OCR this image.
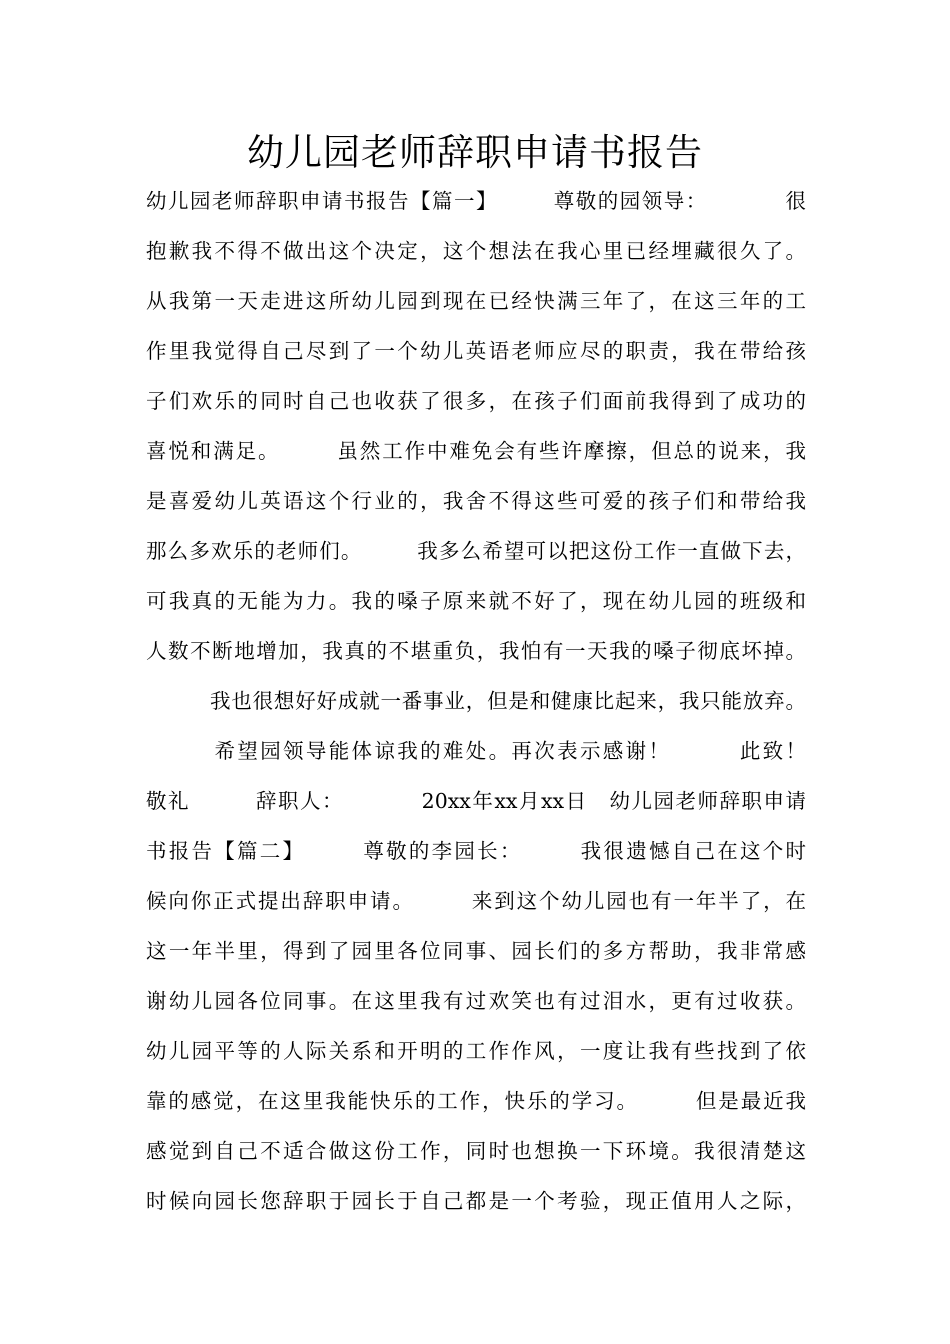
幼儿园老师辞职申请书报告
幼儿园老师辞职申请书报告【篇一】　　　尊敬的园领导：　　　　很
抱歉我不得不做出这个决定，这个想法在我心里已经埋藏很久了。
从我第一天走进这所幼儿园到现在已经快满三年了，在这三年的工
作里我觉得自己尽到了一个幼儿英语老师应尽的职责，我在带给孩
子们欢乐的同时自己也收获了很多，在孩子们面前我得到了成功的
喜悦和满足。　　　虽然工作中难免会有些许摩擦，但总的说来，我
是喜爱幼儿英语这个行业的，我舍不得这些可爱的孩子们和带给我
那么多欢乐的老师们。　　　我多么希望可以把这份工作一直做下去，
可我真的无能为力。我的嗓子原来就不好了，现在幼儿园的班级和
人数不断地增加，我真的不堪重负，我怕有一天我的嗓子彻底坏掉。
　　　我也很想好好成就一番事业，但是和健康比起来，我只能放弃。
　　　希望园领导能体谅我的难处。再次表示感谢！　　　此致！
敬礼　　　辞职人：　　　　20xx年xx月xx日　幼儿园老师辞职申请
书报告【篇二】　　　尊敬的李园长：　　　我很遗憾自己在这个时
候向你正式提出辞职申请。　　　来到这个幼儿园也有一年半了，在
这一年半里，得到了园里各位同事、园长们的多方帮助，我非常感
谢幼儿园各位同事。在这里我有过欢笑也有过泪水，更有过收获。
幼儿园平等的人际关系和开明的工作作风，一度让我有些找到了依
靠的感觉，在这里我能快乐的工作，快乐的学习。　　　但是最近我
感觉到自己不适合做这份工作，同时也想换一下环境。我很清楚这
时候向园长您辞职于园长于自己都是一个考验，现正值用人之际，
